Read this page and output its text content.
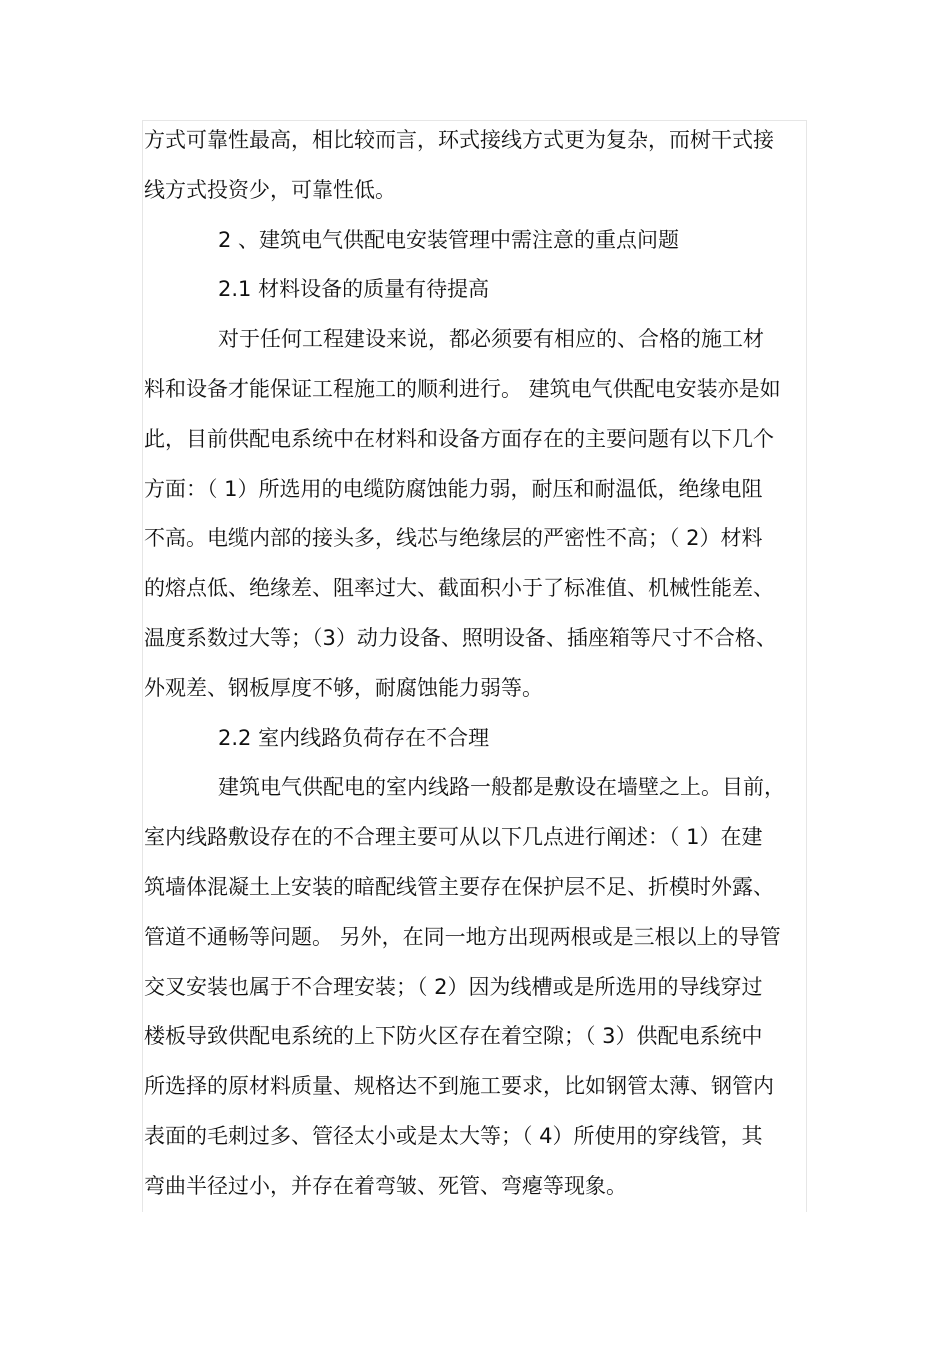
方式可靠性最高，相比较而言，环式接线方式更为复杂，而树干式接
线方式投资少，可靠性低。
2 、建筑电气供配电安装管理中需注意的重点问题
2.1 材料设备的质量有待提高
对于任何工程建设来说，都必须要有相应的、合格的施工材
料和设备才能保证工程施工的顺利进行。 建筑电气供配电安装亦是如
此，目前供配电系统中在材料和设备方面存在的主要问题有以下几个
方面：（ 1）所选用的电缆防腐蚀能力弱，耐压和耐温低，绝缘电阻
不高。电缆内部的接头多，线芯与绝缘层的严密性不高；（ 2）材料
的熔点低、绝缘差、阻率过大、截面积小于了标准值、机械性能差、
温度系数过大等；（3）动力设备、照明设备、插座箱等尺寸不合格、
外观差、钢板厚度不够，耐腐蚀能力弱等。
2.2 室内线路负荷存在不合理
建筑电气供配电的室内线路一般都是敷设在墙壁之上。目前，
室内线路敷设存在的不合理主要可从以下几点进行阐述：（ 1）在建
筑墙体混凝土上安装的暗配线管主要存在保护层不足、折模时外露、
管道不通畅等问题。 另外，在同一地方出现两根或是三根以上的导管
交叉安装也属于不合理安装；（ 2）因为线槽或是所选用的导线穿过
楼板导致供配电系统的上下防火区存在着空隙；（ 3）供配电系统中
所选择的原材料质量、规格达不到施工要求，比如钢管太薄、钢管内
表面的毛刺过多、管径太小或是太大等；（ 4）所使用的穿线管，其
弯曲半径过小，并存在着弯皱、死管、弯瘪等现象。
